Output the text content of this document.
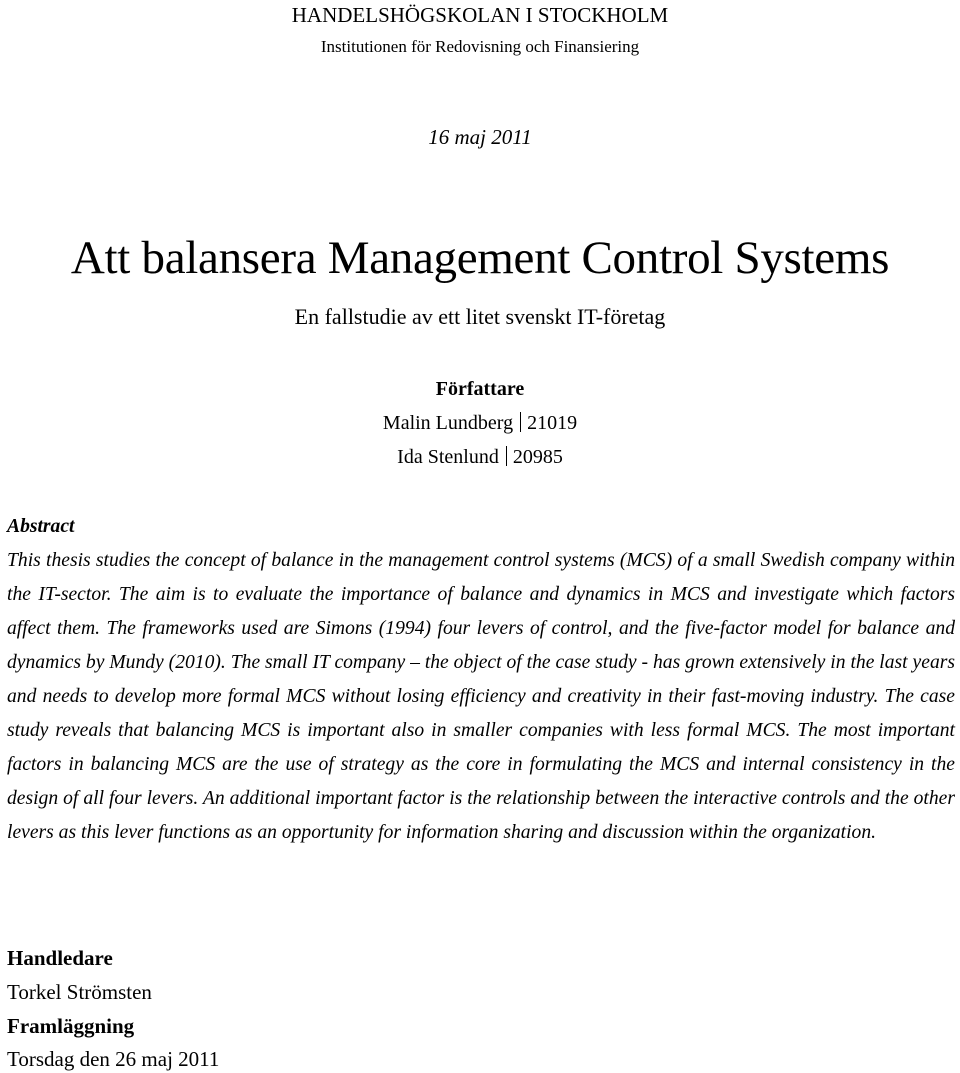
HANDELSHÖGSKOLAN I STOCKHOLM
Institutionen för Redovisning och Finansiering
16 maj 2011
Att balansera Management Control Systems
En fallstudie av ett litet svenskt IT-företag
Författare
Malin Lundberg 21019
Ida Stenlund 20985
Abstract
This thesis studies the concept of balance in the management control systems (MCS) of a small Swedish company within the IT-sector. The aim is to evaluate the importance of balance and dynamics in MCS and investigate which factors affect them. The frameworks used are Simons (1994) four levers of control, and the five-factor model for balance and dynamics by Mundy (2010). The small IT company – the object of the case study - has grown extensively in the last years and needs to develop more formal MCS without losing efficiency and creativity in their fast-moving industry. The case study reveals that balancing MCS is important also in smaller companies with less formal MCS. The most important factors in balancing MCS are the use of strategy as the core in formulating the MCS and internal consistency in the design of all four levers. An additional important factor is the relationship between the interactive controls and the other levers as this lever functions as an opportunity for information sharing and discussion within the organization.
Handledare
Torkel Strömsten
Framläggning
Torsdag den 26 maj 2011
